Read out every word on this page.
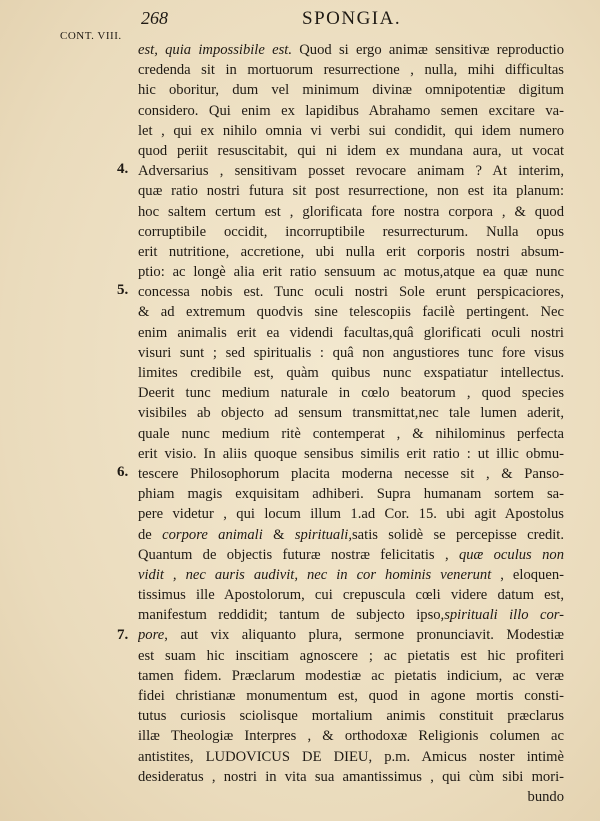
CONT. VIII.
268	SPONGIA.
4.
5.
6.
7.
est, quia impossibile est. Quod si ergo animæ sensitivæ reproductio
credenda sit in mortuorum resurrectione , nulla, mihi difficultas
hic oboritur, dum vel minimum divinæ omnipotentiæ digitum
considero. Qui enim ex lapidibus Abrahamo semen excitare va-
let , qui ex nihilo omnia vi verbi sui condidit, qui idem numero
quod periit resuscitabit, qui ni idem ex mundana aura, ut vocat
Adversarius , sensitivam posset revocare animam ? At interim,
quæ ratio nostri futura sit post resurrectione, non est ita planum:
hoc saltem certum est , glorificata fore nostra corpora , & quod
corruptibile occidit, incorruptibile resurrecturum. Nulla opus
erit nutritione, accretione, ubi nulla erit corporis nostri absum-
ptio: ac longè alia erit ratio sensuum ac motus,atque ea quæ nunc
concessa nobis est. Tunc oculi nostri Sole erunt perspicaciores,
& ad extremum quodvis sine telescopiis facilè pertingent. Nec
enim animalis erit ea videndi facultas,quâ glorificati oculi nostri
visuri sunt ; sed spiritualis : quâ non angustiores tunc fore visus
limites credibile est, quàm quibus nunc exspatiatur intellectus.
Deerit tunc medium naturale in cœlo beatorum , quod species
visibiles ab objecto ad sensum transmittat,nec tale lumen aderit,
quale nunc medium ritè contemperat , & nihilominus perfecta
erit visio. In aliis quoque sensibus similis erit ratio : ut illic obmu-
tescere Philosophorum placita moderna necesse sit , & Panso-
phiam magis exquisitam adhiberi. Supra humanam sortem sa-
pere videtur , qui locum illum 1.ad Cor. 15. ubi agit Apostolus
de corpore animali & spirituali,satis solidè se percepisse credit.
Quantum de objectis futuræ nostræ felicitatis , quæ oculus non
vidit , nec auris audivit, nec in cor hominis venerunt , eloquen-
tissimus ille Apostolorum, cui crepuscula cœli videre datum est,
manifestum reddidit; tantum de subjecto ipso,spirituali illo cor-
pore, aut vix aliquanto plura, sermone pronunciavit. Modestiæ
est suam hic inscitiam agnoscere ; ac pietatis est hic profiteri
tamen fidem. Præclarum modestiæ ac pietatis indicium, ac veræ
fidei christianæ monumentum est, quod in agone mortis consti-
tutus curiosis sciolisque mortalium animis constituit præclarus
illæ Theologiæ Interpres , & orthodoxæ Religionis columen ac
antistites, LUDOVICUS DE DIEU, p.m. Amicus noster intimè
desideratus , nostri in vita sua amantissimus , qui cùm sibi mori-
bundo
